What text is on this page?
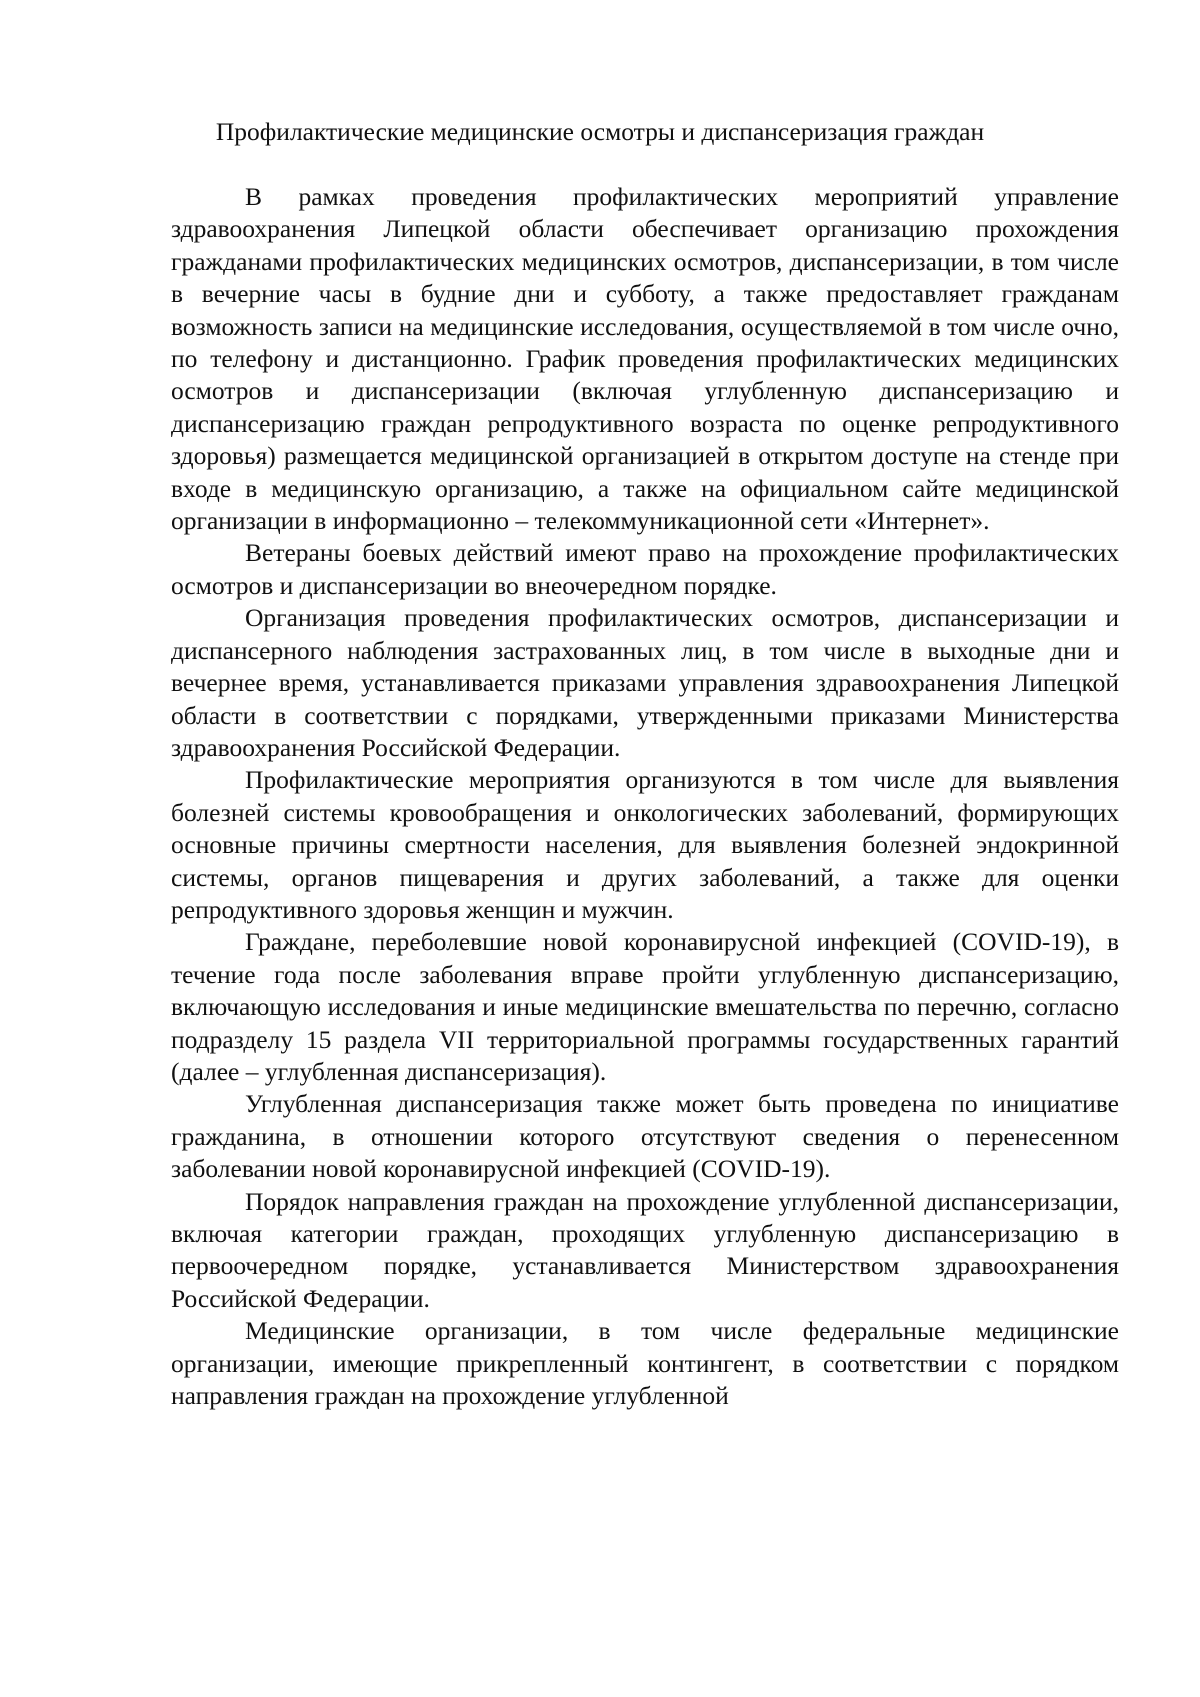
Профилактические медицинские осмотры и диспансеризация граждан

В рамках проведения профилактических мероприятий управление здравоохранения Липецкой области обеспечивает организацию прохождения гражданами профилактических медицинских осмотров, диспансеризации, в том числе в вечерние часы в будние дни и субботу, а также предоставляет гражданам возможность записи на медицинские исследования, осуществляемой в том числе очно, по телефону и дистанционно. График проведения профилактических медицинских осмотров и диспансеризации (включая углубленную диспансеризацию и диспансеризацию граждан репродуктивного возраста по оценке репродуктивного здоровья) размещается медицинской организацией в открытом доступе на стенде при входе в медицинскую организацию, а также на официальном сайте медицинской организации в информационно – телекоммуникационной сети «Интернет».

Ветераны боевых действий имеют право на прохождение профилактических осмотров и диспансеризации во внеочередном порядке.

Организация проведения профилактических осмотров, диспансеризации и диспансерного наблюдения застрахованных лиц, в том числе в выходные дни и вечернее время, устанавливается приказами управления здравоохранения Липецкой области в соответствии с порядками, утвержденными приказами Министерства здравоохранения Российской Федерации.

Профилактические мероприятия организуются в том числе для выявления болезней системы кровообращения и онкологических заболеваний, формирующих основные причины смертности населения, для выявления болезней эндокринной системы, органов пищеварения и других заболеваний, а также для оценки репродуктивного здоровья женщин и мужчин.

Граждане, переболевшие новой коронавирусной инфекцией (COVID-19), в течение года после заболевания вправе пройти углубленную диспансеризацию, включающую исследования и иные медицинские вмешательства по перечню, согласно подразделу 15 раздела VII территориальной программы государственных гарантий (далее – углубленная диспансеризация).

Углубленная диспансеризация также может быть проведена по инициативе гражданина, в отношении которого отсутствуют сведения о перенесенном заболевании новой коронавирусной инфекцией (COVID-19).

Порядок направления граждан на прохождение углубленной диспансеризации, включая категории граждан, проходящих углубленную диспансеризацию в первоочередном порядке, устанавливается Министерством здравоохранения Российской Федерации.

Медицинские организации, в том числе федеральные медицинские организации, имеющие прикрепленный контингент, в соответствии с порядком направления граждан на прохождение углубленной
